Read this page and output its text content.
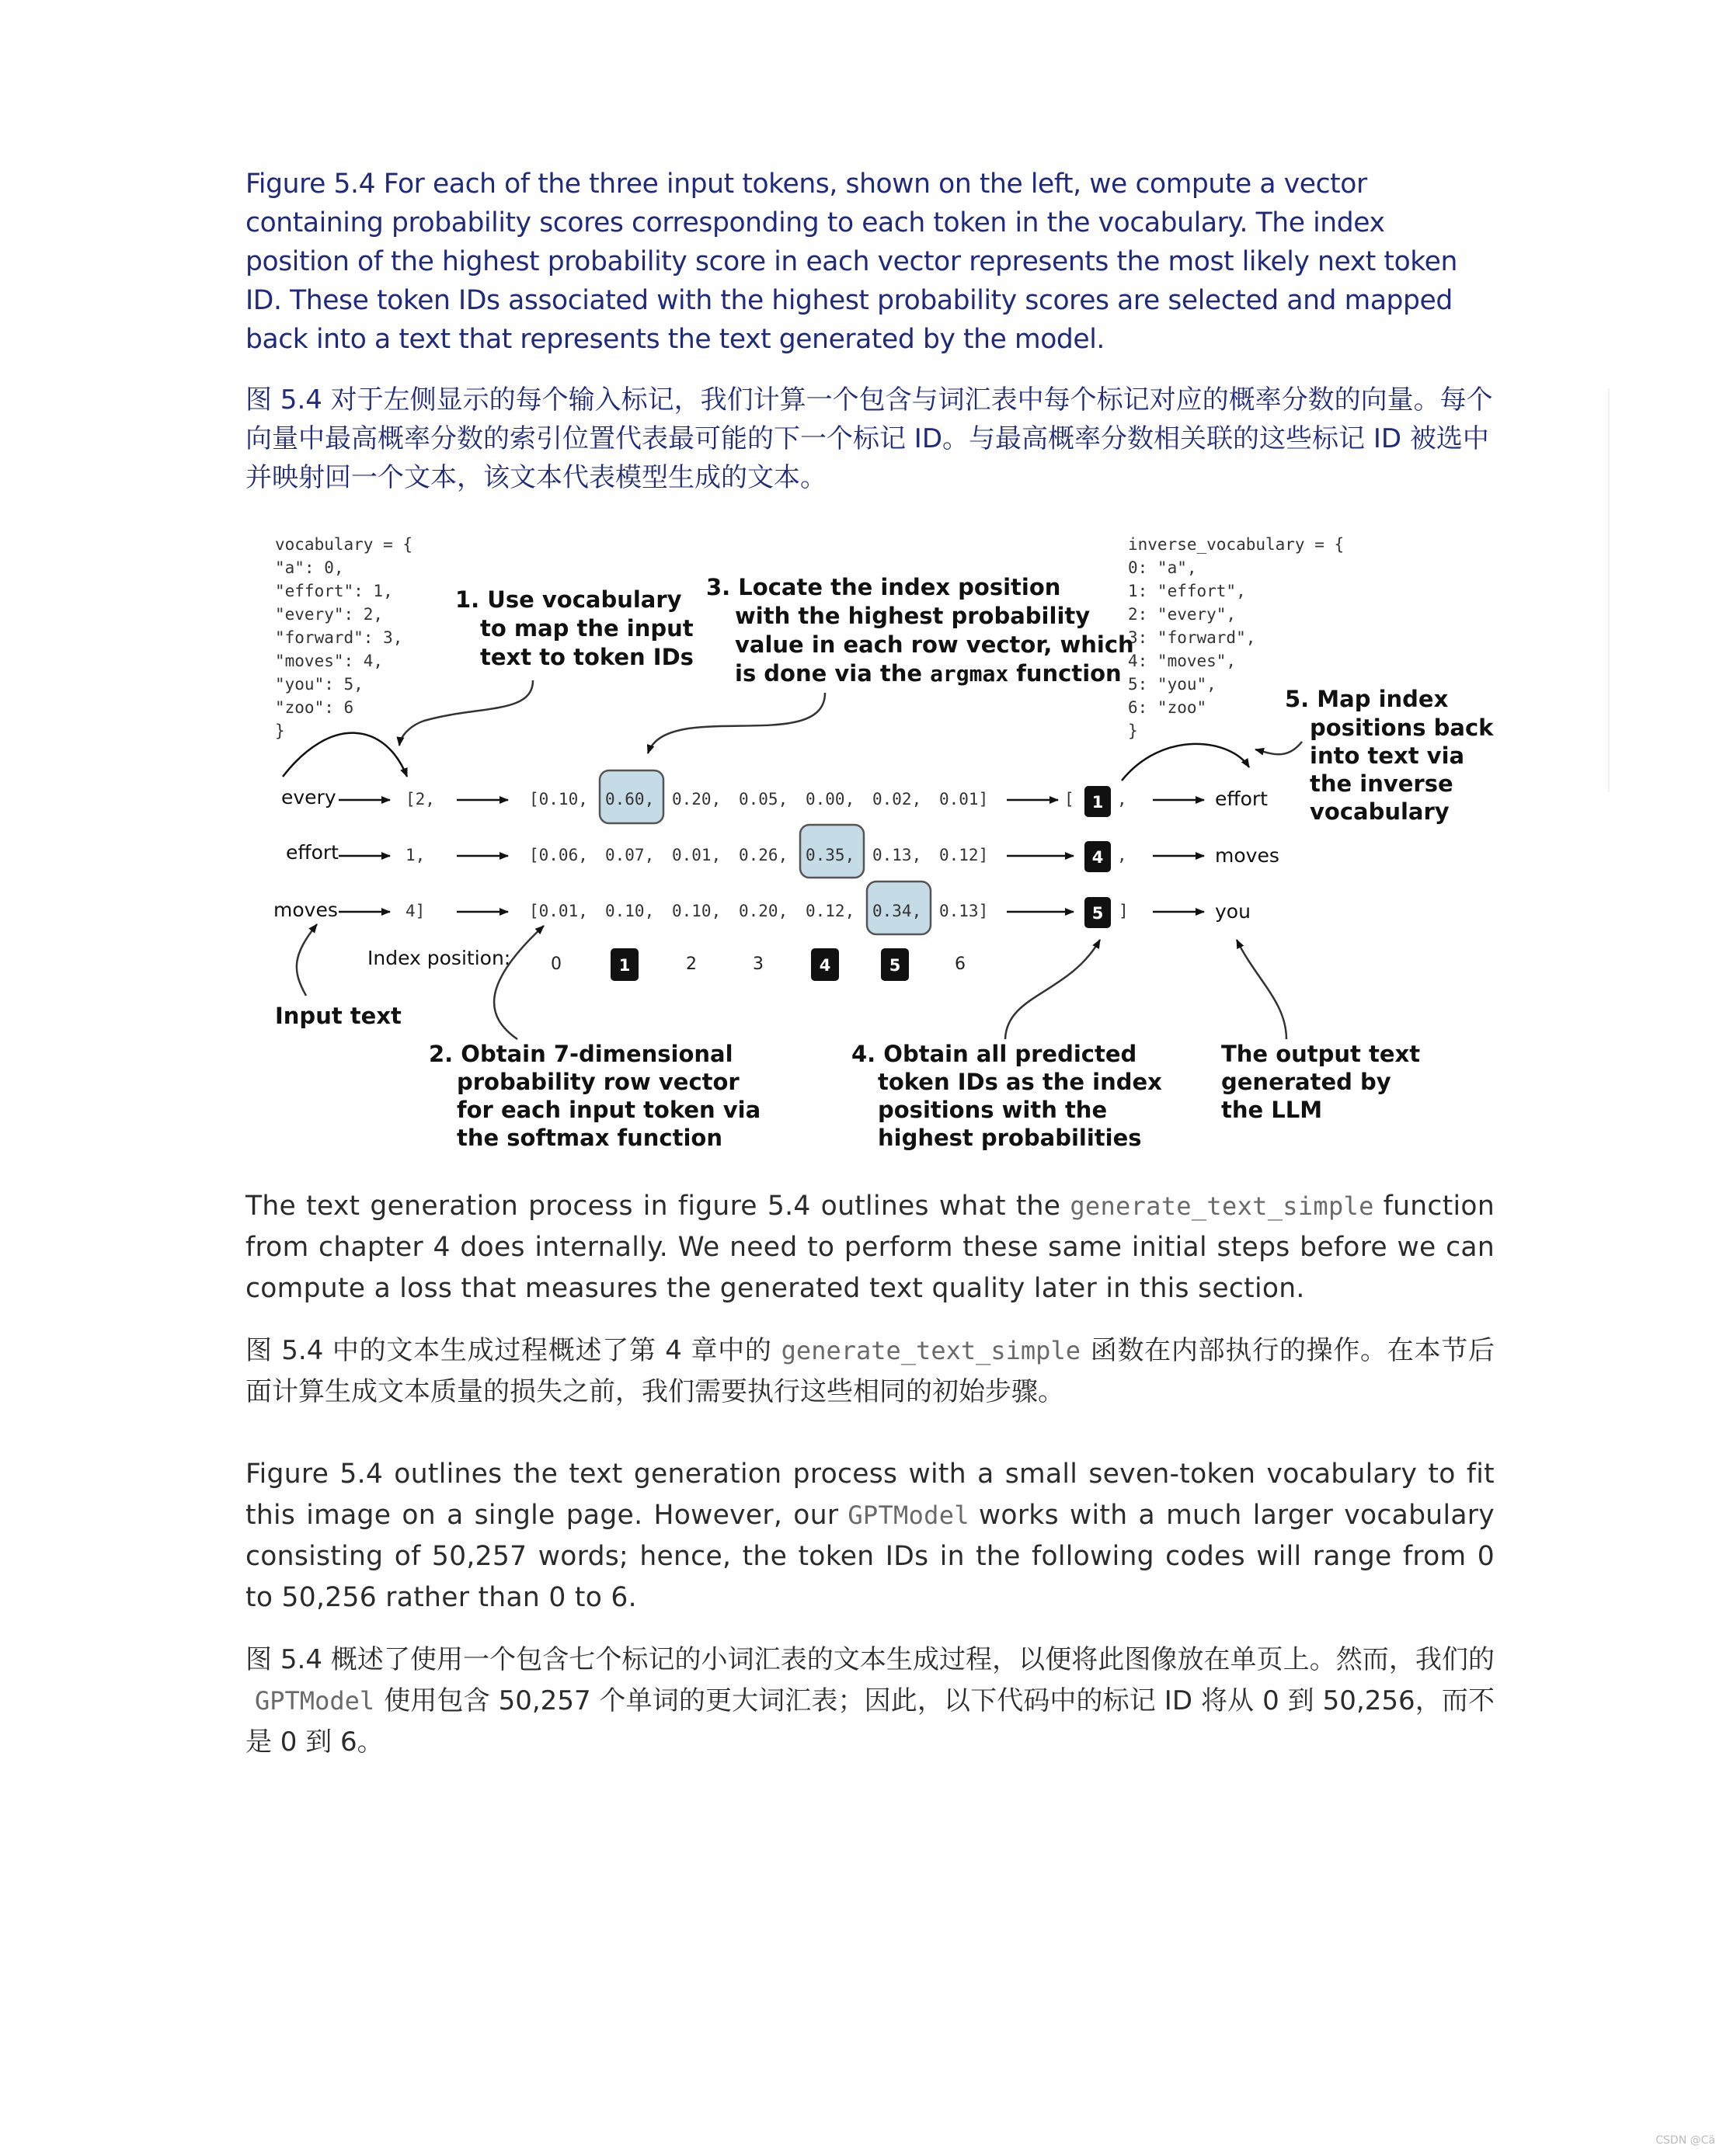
Figure 5.4 For each of the three input tokens, shown on the left, we compute a vector containing probability scores corresponding to each token in the vocabulary. The index position of the highest probability score in each vector represents the most likely next token ID. These token IDs associated with the highest probability scores are selected and mapped back into a text that represents the text generated by the model.

图 5.4 对于左侧显示的每个输入标记，我们计算一个包含与词汇表中每个标记对应的概率分数的向量。每个向量中最高概率分数的索引位置代表最可能的下一个标记 ID。与最高概率分数相关联的这些标记 ID 被选中并映射回一个文本，该文本代表模型生成的文本。

The text generation process in figure 5.4 outlines what the generate_text_simple function from chapter 4 does internally. We need to perform these same initial steps before we can compute a loss that measures the generated text quality later in this section.

图 5.4 中的文本生成过程概述了第 4 章中的 generate_text_simple 函数在内部执行的操作。在本节后面计算生成文本质量的损失之前，我们需要执行这些相同的初始步骤。

Figure 5.4 outlines the text generation process with a small seven-token vocabulary to fit this image on a single page. However, our GPTModel works with a much larger vocabulary consisting of 50,257 words; hence, the token IDs in the following codes will range from 0 to 50,256 rather than 0 to 6.

图 5.4 概述了使用一个包含七个标记的小词汇表的文本生成过程，以便将此图像放在单页上。然而，我们的GPTModel 使用包含 50,257 个单词的更大词汇表；因此，以下代码中的标记 ID 将从 0 到 50,256，而不是 0 到 6。

vocabulary = {
"a": 0,
"effort": 1,
"every": 2,
"forward": 3,
"moves": 4,
"you": 5,
"zoo": 6
}
inverse_vocabulary = {
0: "a",
1: "effort",
2: "every",
3: "forward",
4: "moves",
5: "you",
6: "zoo"
}
1. Use vocabulary
to map the input
text to token IDs
3. Locate the index position
with the highest probability
value in each row vector, which
is done via the argmax function
5. Map index
positions back
into text via
the inverse
vocabulary
every	[2,	[0.10, 0.60, 0.20, 0.05, 0.00, 0.02, 0.01]	[ 1 ,	effort
effort	1,	[0.06, 0.07, 0.01, 0.26, 0.35, 0.13, 0.12]	4 ,	moves
moves	4]	[0.01, 0.10, 0.10, 0.20, 0.12, 0.34, 0.13]	5 ]	you
Index position: 0	1	2	3	4	5	6
Input text
2. Obtain 7-dimensional
probability row vector
for each input token via
the softmax function
4. Obtain all predicted
token IDs as the index
positions with the
highest probabilities
The output text
generated by
the LLM
CSDN @Cä
